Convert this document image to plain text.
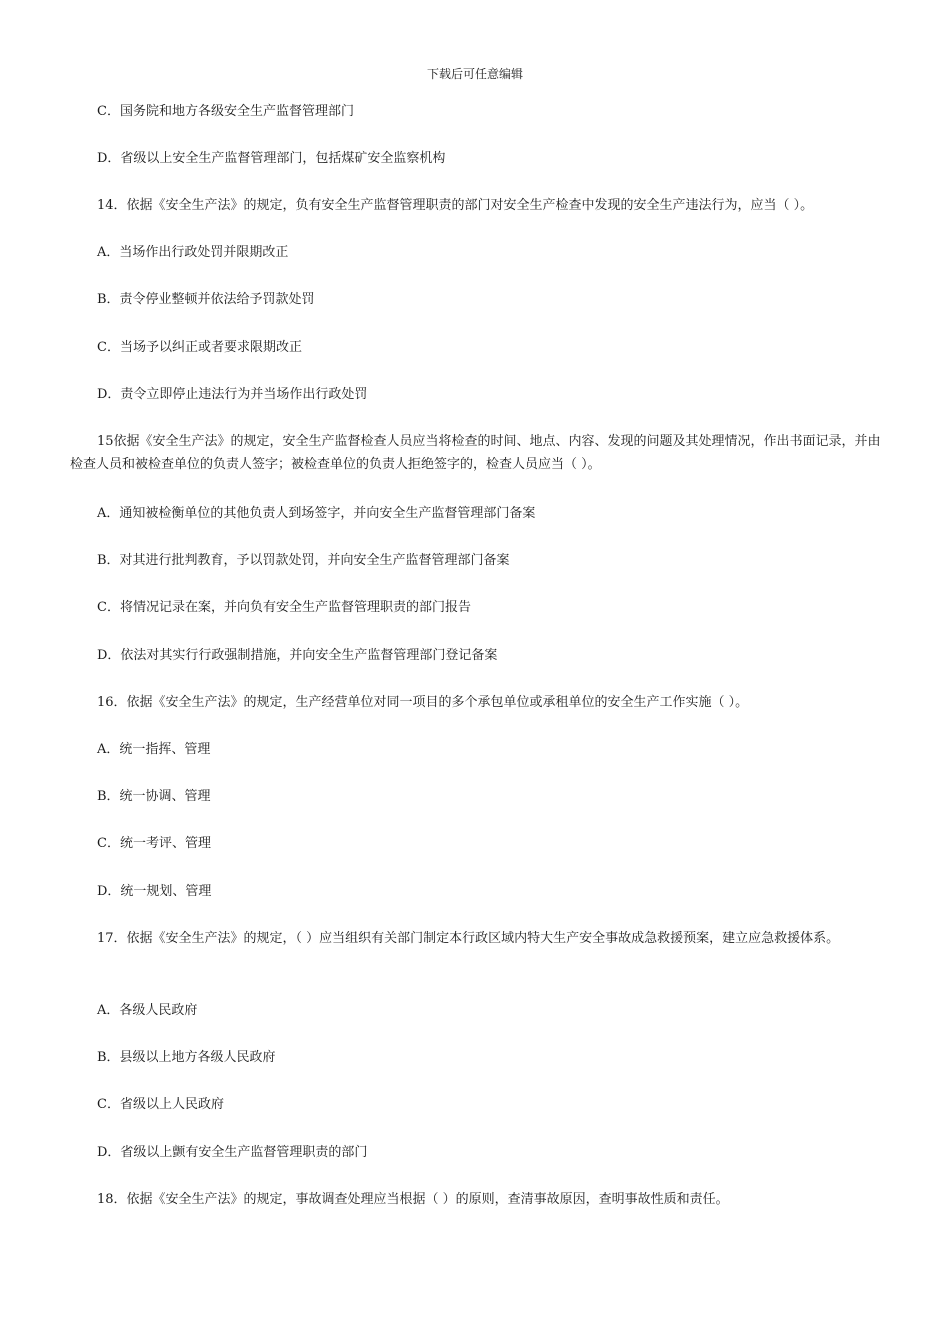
下载后可任意编辑
C．国务院和地方各级安全生产监督管理部门
D．省级以上安全生产监督管理部门，包括煤矿安全监察机构
14．依据《安全生产法》的规定，负有安全生产监督管理职责的部门对安全生产检查中发现的安全生产违法行为，应当（ ）。
A．当场作出行政处罚并限期改正
B．责令停业整顿并依法给予罚款处罚
C．当场予以纠正或者要求限期改正
D．责令立即停止违法行为并当场作出行政处罚
15依据《安全生产法》的规定，安全生产监督检查人员应当将检查的时间、地点、内容、发现的问题及其处理情况，作出书面记录，并由检查人员和被检查单位的负责人签字；被检查单位的负责人拒绝签字的，检查人员应当（ ）。
A．通知被检衡单位的其他负责人到场签字，并向安全生产监督管理部门备案
B．对其进行批判教育，予以罚款处罚，并向安全生产监督管理部门备案
C．将情况记录在案，并向负有安全生产监督管理职责的部门报告
D．依法对其实行行政强制措施，并向安全生产监督管理部门登记备案
16．依据《安全生产法》的规定，生产经营单位对同一项目的多个承包单位或承租单位的安全生产工作实施（ ）。
A．统一指挥、管理
B．统一协调、管理
C．统一考评、管理
D．统一规划、管理
17．依据《安全生产法》的规定，（ ）应当组织有关部门制定本行政区域内特大生产安全事故成急救援预案，建立应急救援体系。
A．各级人民政府
B．县级以上地方各级人民政府
C．省级以上人民政府
D．省级以上颤有安全生产监督管理职责的部门
18．依据《安全生产法》的规定，事故调查处理应当根据（ ）的原则，查清事故原因，查明事故性质和责任。
